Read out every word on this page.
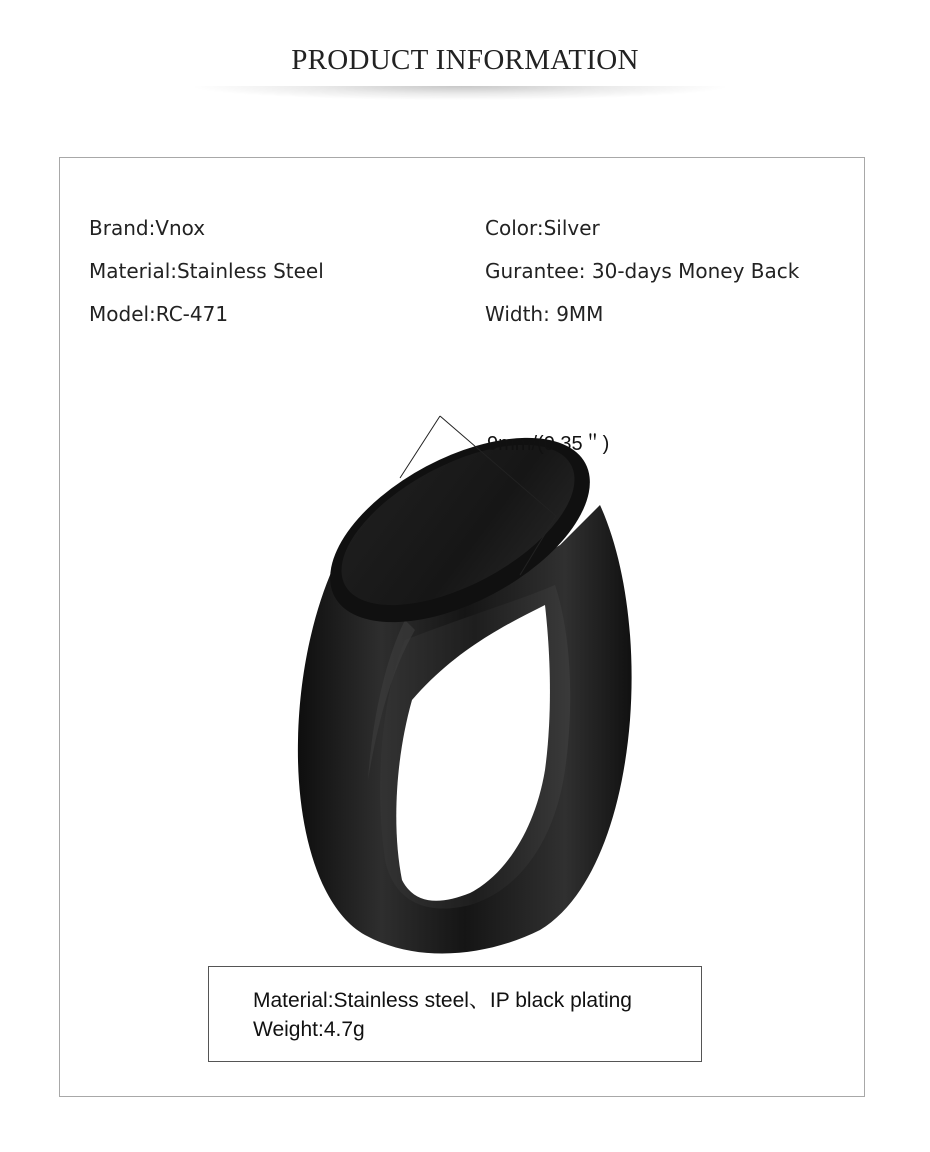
PRODUCT INFORMATION
Brand:Vnox
Material:Stainless Steel
Model:RC-471
Color:Silver
Gurantee: 30-days Money Back
Width: 9MM
9mm/(0.35＂)
Material:Stainless steel、IP black plating
Weight:4.7g
